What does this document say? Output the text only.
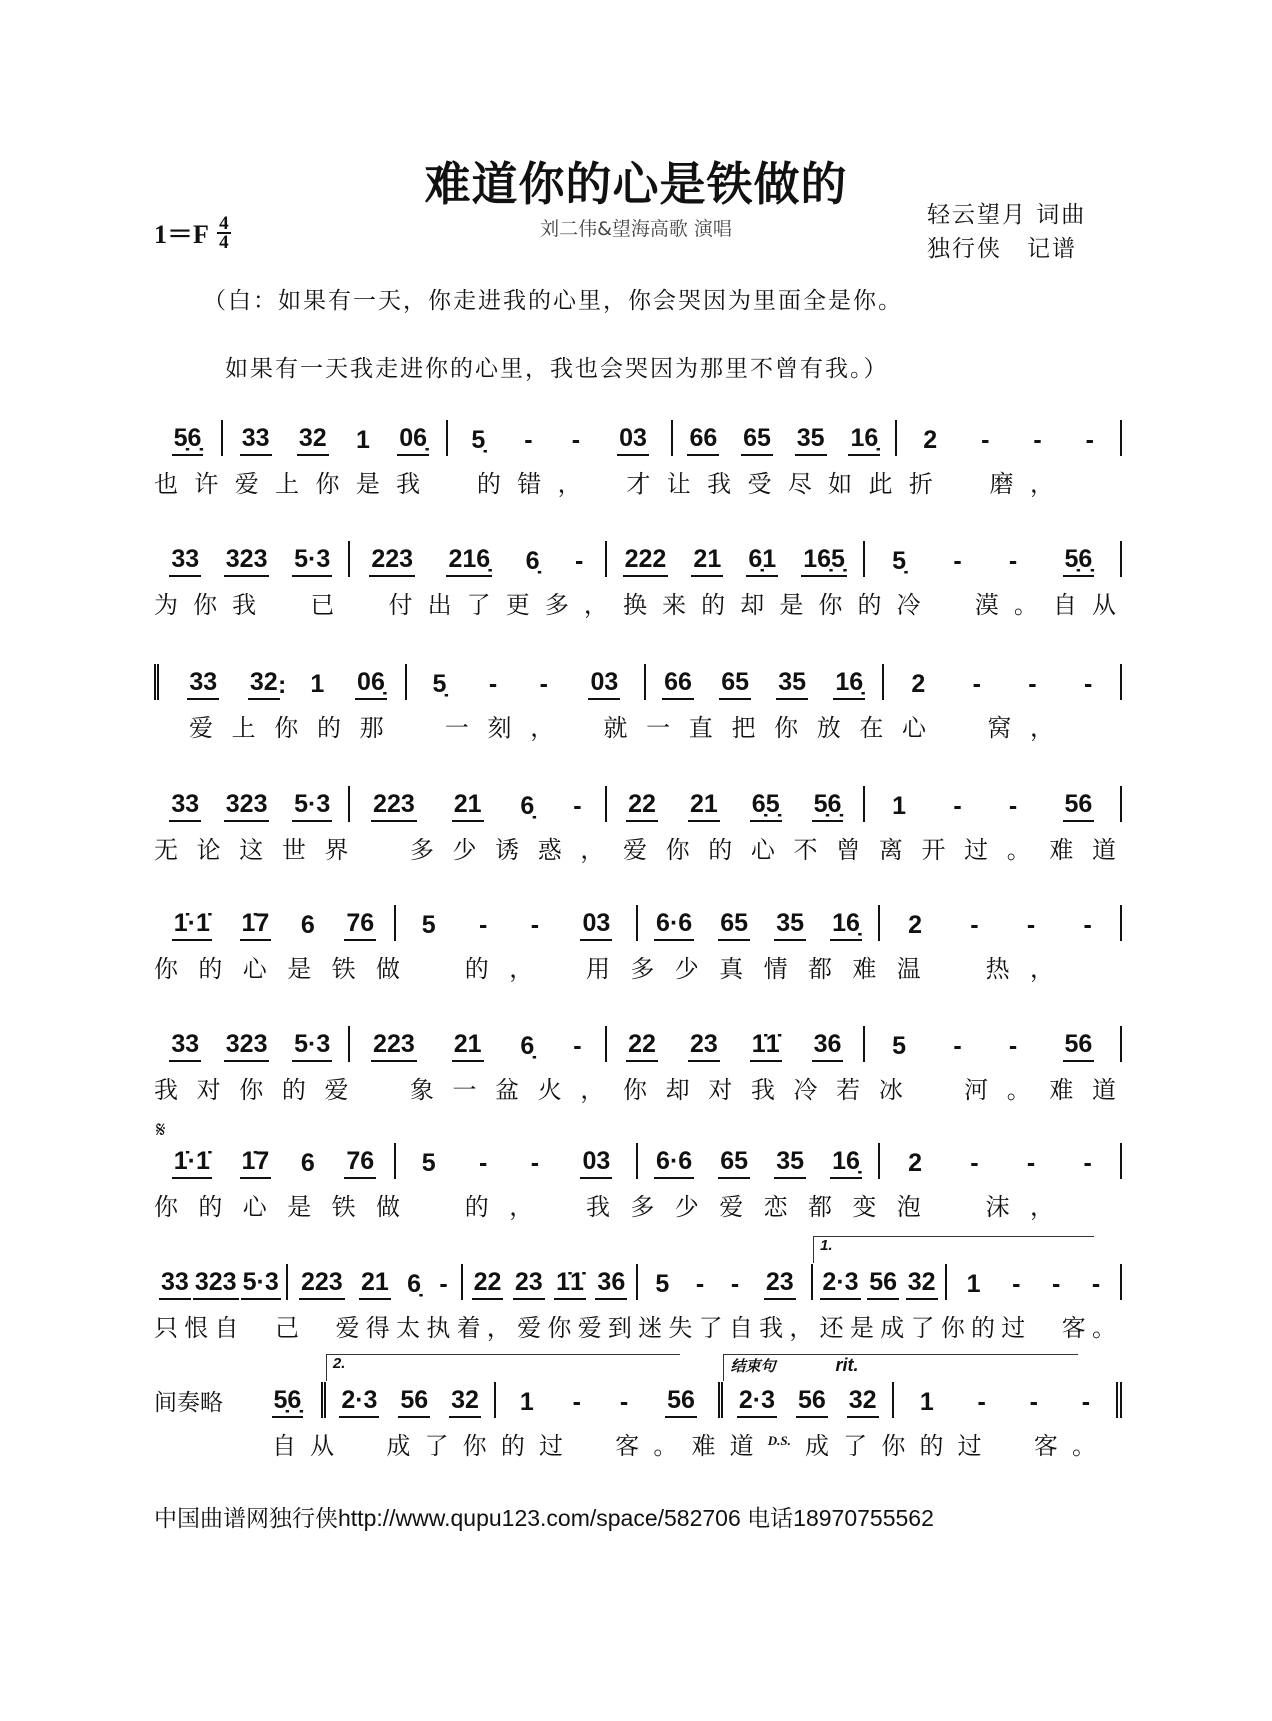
难道你的心是铁做的
$1=F \frac{4}{4}$	刘二伟&望海高歌 演唱
轻云望月 词曲
独行侠　记谱
（白：如果有一天，你走进我的心里，你会哭因为里面全是你。
如果有一天我走进你的心里，我也会哭因为那里不曾有我。）
𝄋
5̣6̣ 33 32 1 06̣ 5̣ - - 03 66 65 35 16̣ 2 - - -
也许爱上你是我　的错，　才让我受尽如此折　磨，
33 323 5·3 223 216̣ 6̣ - 222 21 6̣1 16̣5̣ 5̣ - - 5̣6̣
为你我　已　付出了更多，换来的却是你的冷　漠。自从
: 33 32 1 06̣ 5̣ - - 03 66 65 35 16̣ 2 - - -
爱上你的那　一刻，　就一直把你放在心　窝，
33 323 5·3 223 21 6̣ - 22 21 6̣5̣ 5̣6̣ 1 - - 56
无论这世界　多少诱惑，爱你的心不曾离开过。难道
1̇·1̇ 1̇7 6 76 5 - - 03 6·6 65 35 16̣ 2 - - -
你的心是铁做　的，　用多少真情都难温　热，
33 323 5·3 223 21 6̣ - 22 23 1̇1̇ 36 5 - - 56
我对你的爱　象一盆火，你却对我冷若冰　河。难道
1̇·1̇ 1̇7 6 76 5 - - 03 6·6 65 35 16̣ 2 - - -
你的心是铁做　的，　我多少爱恋都变泡　沫，
33 323 5·3 223 21 6̣ - 22 23 1̇1̇ 36 5 - - 23 2·3 56 32
1.
1 - - -
只恨自　己　爱得太执着，爱你爱到迷失了自我，还是成了你的过　客。
间奏略	5̣6̣ 2·3 56 32
2.
1 - - 56 2·3 56 32
结束句	rit.
1 - - -
自从　成了你的过　客。难道$^{D.S.}$成了你的过　客。
中国曲谱网独行侠http://www.qupu123.com/space/582706 电话18970755562
